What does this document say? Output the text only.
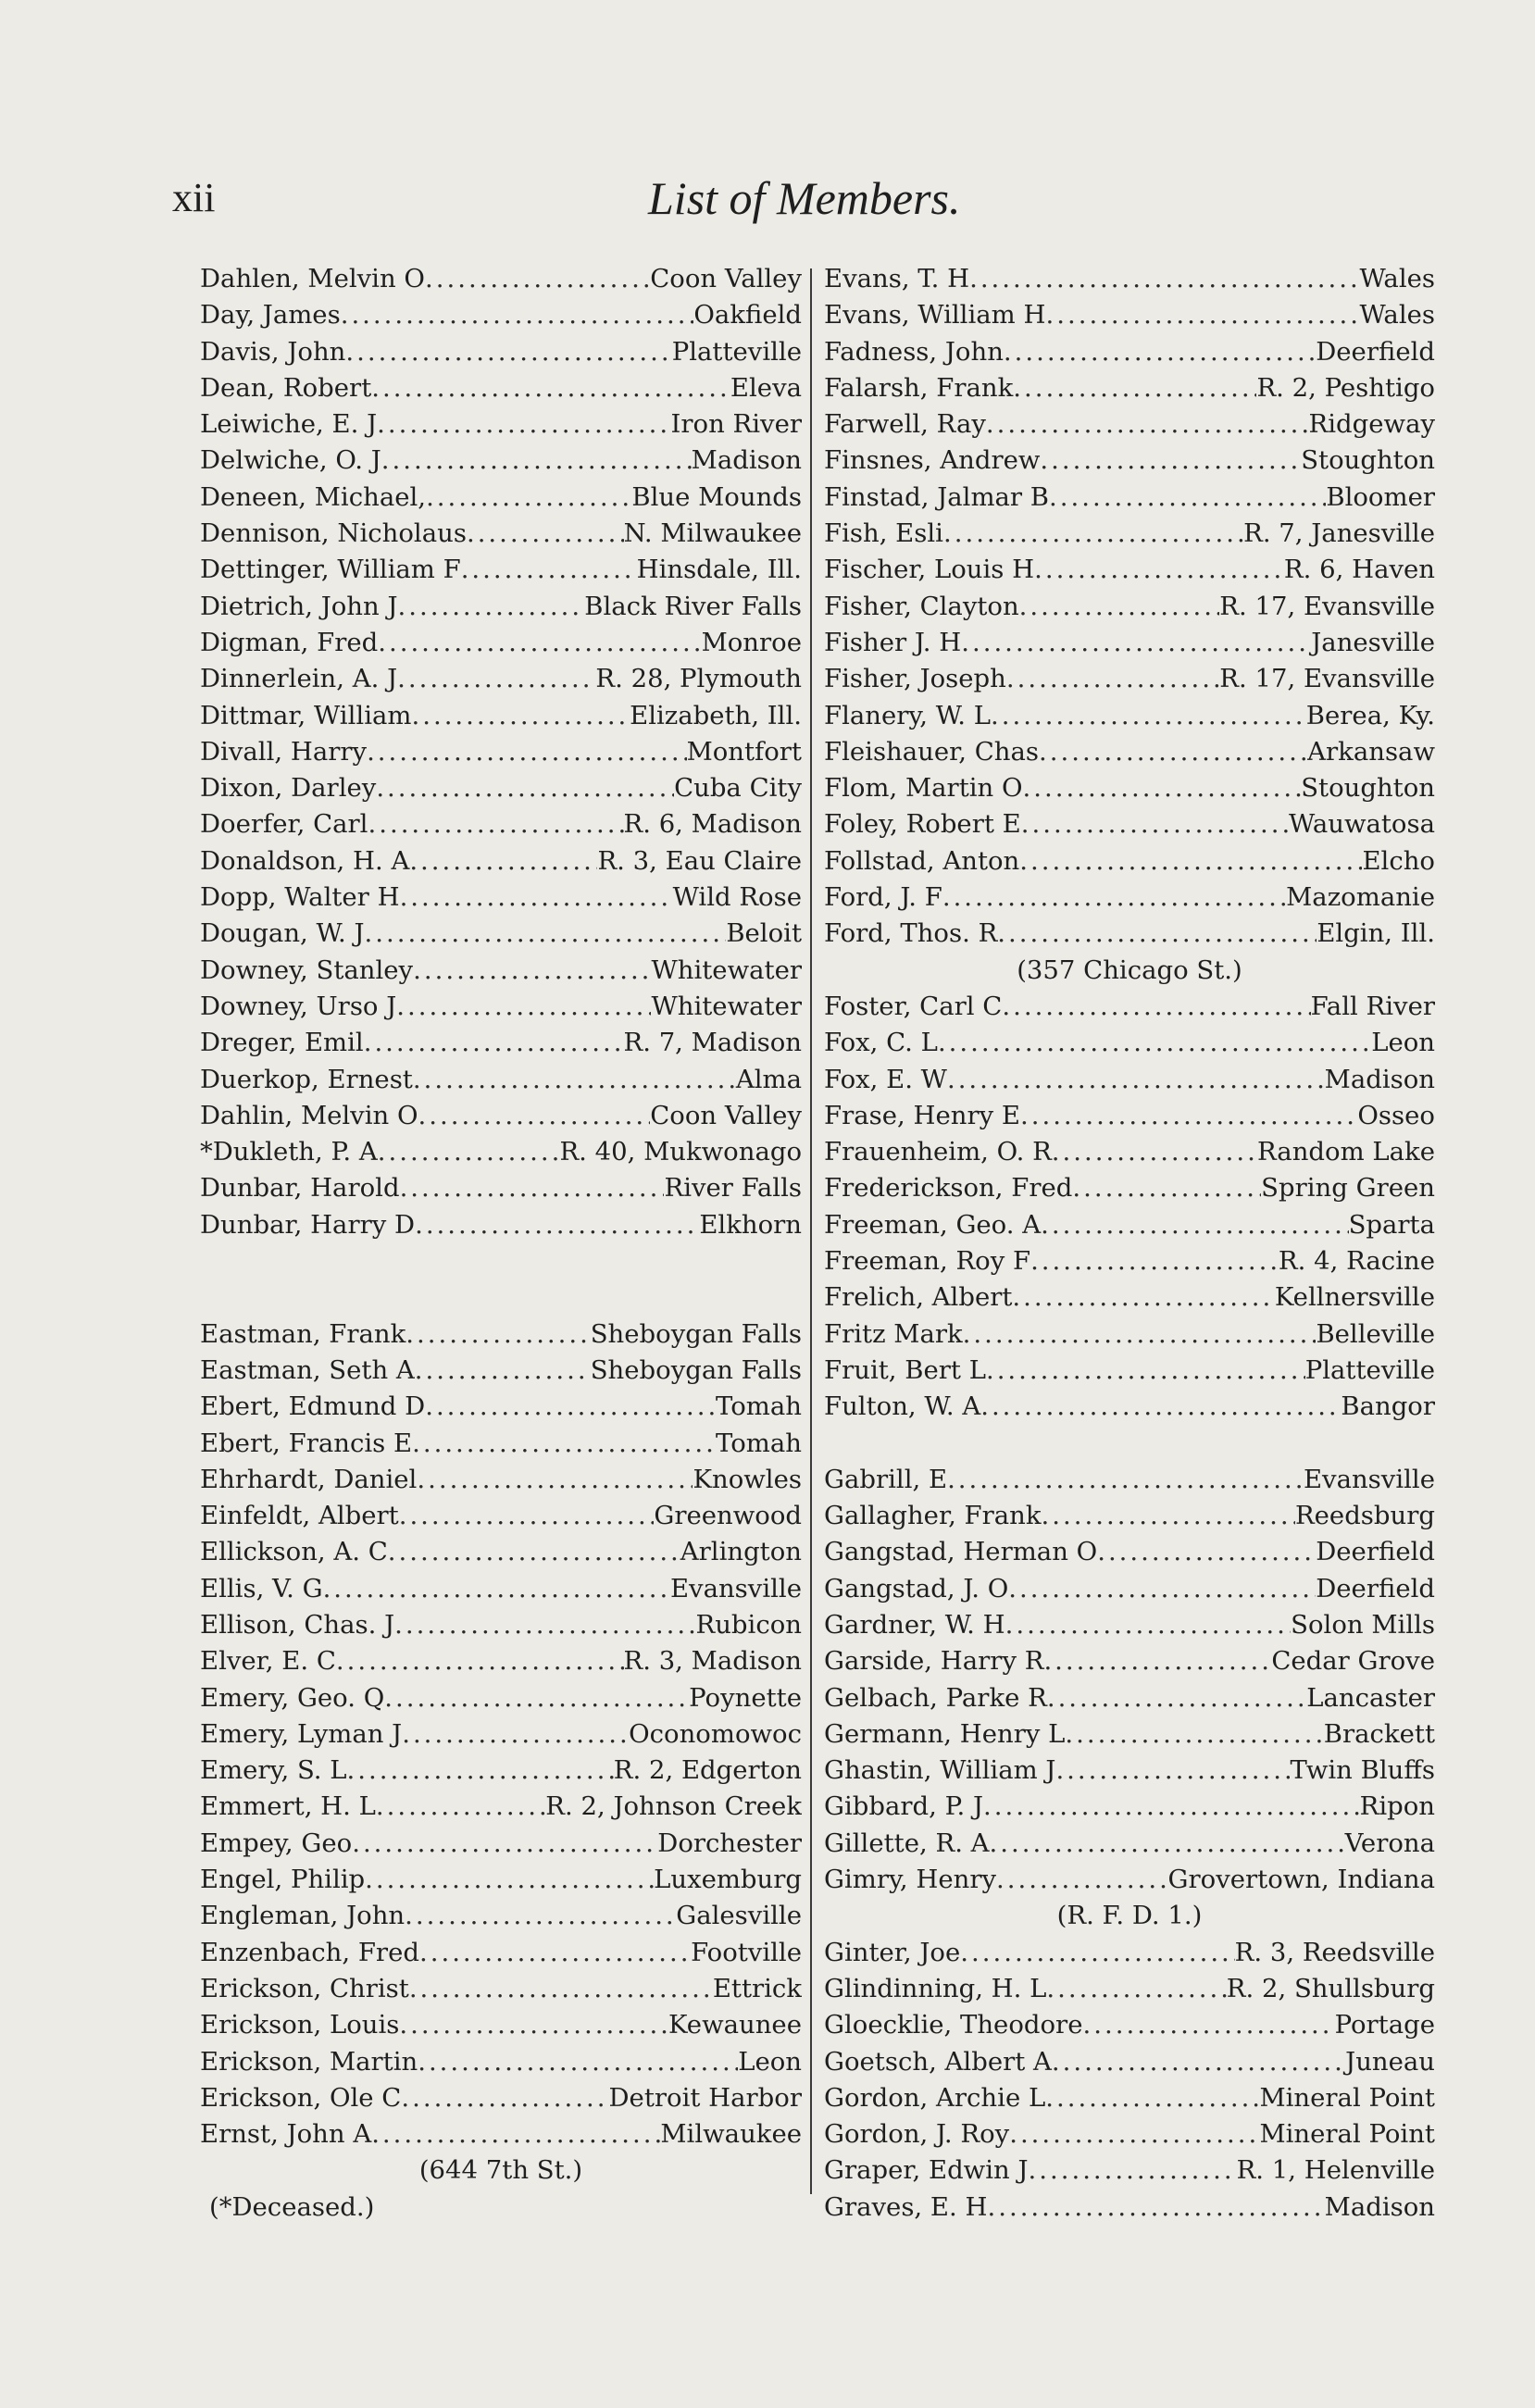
xii	List of Members.
Dahlen, Melvin O .....	Coon Valley
Day, James .....	Oakfield
Davis, John .....	Platteville
Dean, Robert .....	Eleva
Leiwiche, E. J .....	Iron River
Delwiche, O. J .....	Madison
Deneen, Michael, .....	Blue Mounds
Dennison, Nicholaus .....	N. Milwaukee
Dettinger, William F .....	Hinsdale, Ill.
Dietrich, John J .....	Black River Falls
Digman, Fred .....	Monroe
Dinnerlein, A. J .....	R. 28, Plymouth
Dittmar, William .....	Elizabeth, Ill.
Divall, Harry .....	Montfort
Dixon, Darley .....	Cuba City
Doerfer, Carl .....	R. 6, Madison
Donaldson, H. A .....	R. 3, Eau Claire
Dopp, Walter H .....	Wild Rose
Dougan, W. J .....	Beloit
Downey, Stanley .....	Whitewater
Downey, Urso J .....	Whitewater
Dreger, Emil .....	R. 7, Madison
Duerkop, Ernest .....	Alma
Dahlin, Melvin O .....	Coon Valley
*Dukleth, P. A .....	R. 40, Mukwonago
Dunbar, Harold .....	River Falls
Dunbar, Harry D .....	Elkhorn
Eastman, Frank .....	Sheboygan Falls
Eastman, Seth A .....	Sheboygan Falls
Ebert, Edmund D .....	Tomah
Ebert, Francis E .....	Tomah
Ehrhardt, Daniel .....	Knowles
Einfeldt, Albert .....	Greenwood
Ellickson, A. C .....	Arlington
Ellis, V. G .....	Evansville
Ellison, Chas. J .....	Rubicon
Elver, E. C .....	R. 3, Madison
Emery, Geo. Q .....	Poynette
Emery, Lyman J .....	Oconomowoc
Emery, S. L .....	R. 2, Edgerton
Emmert, H. L .....	R. 2, Johnson Creek
Empey, Geo .....	Dorchester
Engel, Philip .....	Luxemburg
Engleman, John .....	Galesville
Enzenbach, Fred .....	Footville
Erickson, Christ .....	Ettrick
Erickson, Louis .....	Kewaunee
Erickson, Martin .....	Leon
Erickson, Ole C .....	Detroit Harbor
Ernst, John A .....	Milwaukee
(644 7th St.)
(*Deceased.)
Evans, T. H .....	Wales
Evans, William H .....	Wales
Fadness, John .....	Deerfield
Falarsh, Frank .....	R. 2, Peshtigo
Farwell, Ray .....	Ridgeway
Finsnes, Andrew .....	Stoughton
Finstad, Jalmar B .....	Bloomer
Fish, Esli .....	R. 7, Janesville
Fischer, Louis H .....	R. 6, Haven
Fisher, Clayton .....	R. 17, Evansville
Fisher J. H .....	Janesville
Fisher, Joseph .....	R. 17, Evansville
Flanery, W. L .....	Berea, Ky.
Fleishauer, Chas .....	Arkansaw
Flom, Martin O .....	Stoughton
Foley, Robert E .....	Wauwatosa
Follstad, Anton .....	Elcho
Ford, J. F .....	Mazomanie
Ford, Thos. R .....	Elgin, Ill.
(357 Chicago St.)
Foster, Carl C .....	Fall River
Fox, C. L .....	Leon
Fox, E. W .....	Madison
Frase, Henry E .....	Osseo
Frauenheim, O. R .....	Random Lake
Frederickson, Fred .....	Spring Green
Freeman, Geo. A .....	Sparta
Freeman, Roy F .....	R. 4, Racine
Frelich, Albert .....	Kellnersville
Fritz Mark .....	Belleville
Fruit, Bert L .....	Platteville
Fulton, W. A .....	Bangor
Gabrill, E .....	Evansville
Gallagher, Frank .....	Reedsburg
Gangstad, Herman O .....	Deerfield
Gangstad, J. O .....	Deerfield
Gardner, W. H .....	Solon Mills
Garside, Harry R .....	Cedar Grove
Gelbach, Parke R .....	Lancaster
Germann, Henry L .....	Brackett
Ghastin, William J .....	Twin Bluffs
Gibbard, P. J .....	Ripon
Gillette, R. A .....	Verona
Gimry, Henry .....	Grovertown, Indiana
(R. F. D. 1.)
Ginter, Joe .....	R. 3, Reedsville
Glindinning, H. L .....	R. 2, Shullsburg
Gloecklie, Theodore .....	Portage
Goetsch, Albert A .....	Juneau
Gordon, Archie L .....	Mineral Point
Gordon, J. Roy .....	Mineral Point
Graper, Edwin J .....	R. 1, Helenville
Graves, E. H .....	Madison
